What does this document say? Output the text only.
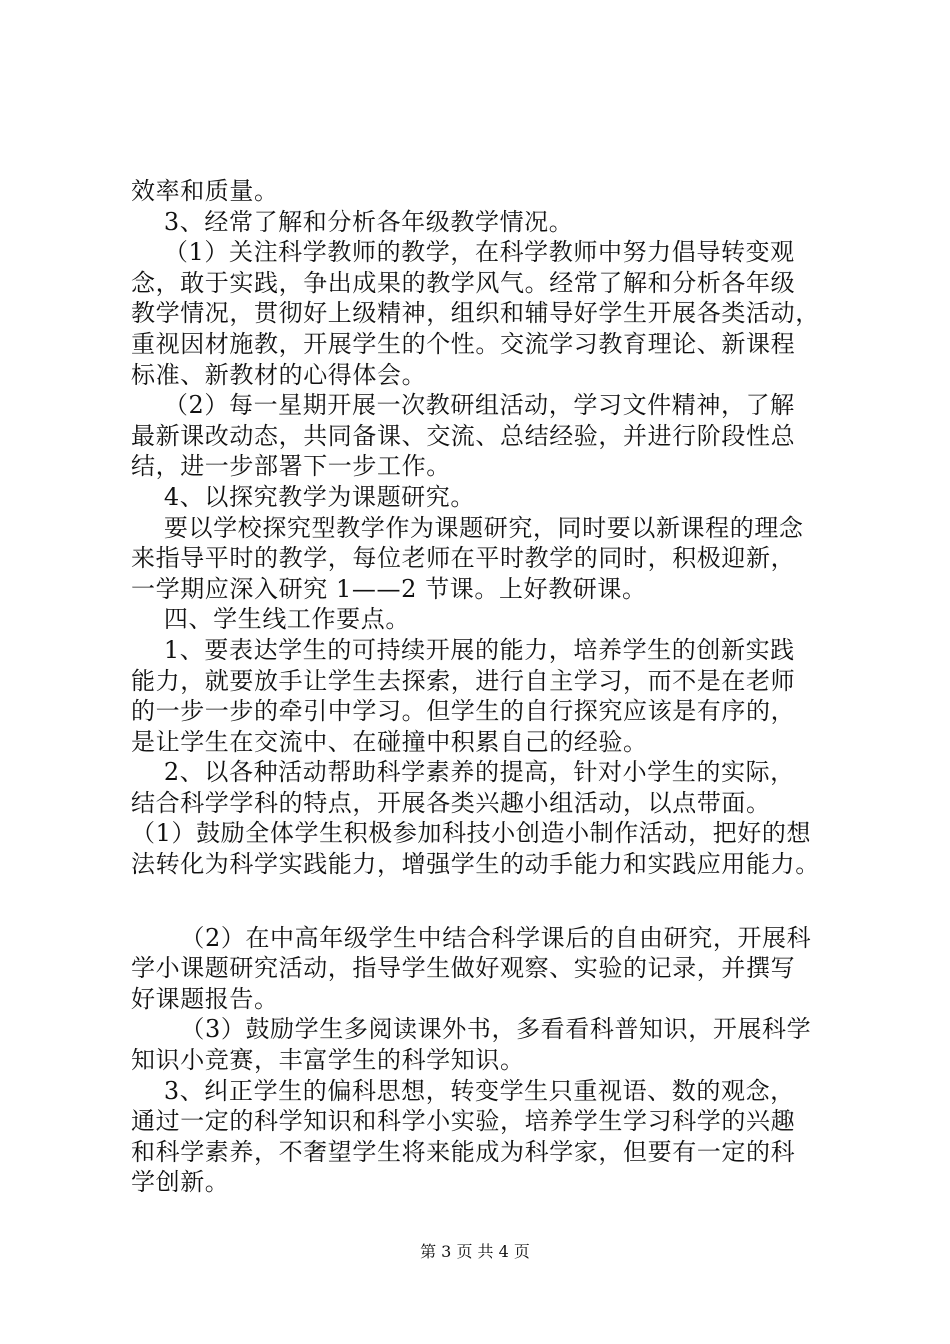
效率和质量。
3、经常了解和分析各年级教学情况。
（1）关注科学教师的教学，在科学教师中努力倡导转变观
念，敢于实践，争出成果的教学风气。经常了解和分析各年级
教学情况，贯彻好上级精神，组织和辅导好学生开展各类活动，
重视因材施教，开展学生的个性。交流学习教育理论、新课程
标准、新教材的心得体会。
（2）每一星期开展一次教研组活动，学习文件精神，了解
最新课改动态，共同备课、交流、总结经验，并进行阶段性总
结，进一步部署下一步工作。
4、以探究教学为课题研究。
要以学校探究型教学作为课题研究，同时要以新课程的理念
来指导平时的教学，每位老师在平时教学的同时，积极迎新，
一学期应深入研究 1——2 节课。上好教研课。
四、学生线工作要点。
1、要表达学生的可持续开展的能力，培养学生的创新实践
能力，就要放手让学生去探索，进行自主学习，而不是在老师
的一步一步的牵引中学习。但学生的自行探究应该是有序的，
是让学生在交流中、在碰撞中积累自己的经验。
2、以各种活动帮助科学素养的提高，针对小学生的实际，
结合科学学科的特点，开展各类兴趣小组活动，以点带面。
（1）鼓励全体学生积极参加科技小创造小制作活动，把好的想
法转化为科学实践能力，增强学生的动手能力和实践应用能力。
（2）在中高年级学生中结合科学课后的自由研究，开展科
学小课题研究活动，指导学生做好观察、实验的记录，并撰写
好课题报告。
（3）鼓励学生多阅读课外书，多看看科普知识，开展科学
知识小竞赛，丰富学生的科学知识。
3、纠正学生的偏科思想，转变学生只重视语、数的观念，
通过一定的科学知识和科学小实验，培养学生学习科学的兴趣
和科学素养，不奢望学生将来能成为科学家，但要有一定的科
学创新。
第 3 页 共 4 页
